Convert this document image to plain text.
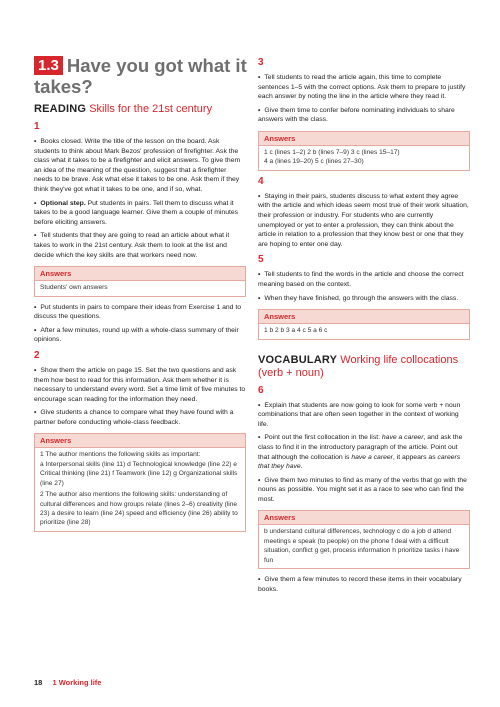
1.3 Have you got what it takes?
READING Skills for the 21st century
1

• Books closed. Write the title of the lesson on the board. Ask students to think about Mark Bezos' profession of firefighter. Ask the class what it takes to be a firefighter and elicit answers. To give them an idea of the meaning of the question, suggest that a firefighter needs to be brave. Ask what else it takes to be one. Ask them if they think they've got what it takes to be one, and if so, what.

• Optional step. Put students in pairs. Tell them to discuss what it takes to be a good language learner. Give them a couple of minutes before eliciting answers.

• Tell students that they are going to read an article about what it takes to work in the 21st century. Ask them to look at the list and decide which the key skills are that workers need now.

Answers
Students' own answers

• Put students in pairs to compare their ideas from Exercise 1 and to discuss the questions.

• After a few minutes, round up with a whole-class summary of their opinions.

2

• Show them the article on page 15. Set the two questions and ask them how best to read for this information. Ask them whether it is necessary to understand every word. Set a time limit of five minutes to encourage scan reading for the information they need.

• Give students a chance to compare what they have found with a partner before conducting whole-class feedback.

Answers
1 The author mentions the following skills as important:
a Interpersonal skills (line 11) d Technological knowledge (line 22) e Critical thinking (line 21) f Teamwork (line 12) g Organizational skills (line 27)
2 The author also mentions the following skills: understanding of cultural differences and how groups relate (lines 2–6) creativity (line 23) a desire to learn (line 24) speed and efficiency (line 26) ability to prioritize (line 28)
3

• Tell students to read the article again, this time to complete sentences 1–5 with the correct options. Ask them to prepare to justify each answer by noting the line in the article where they read it.

• Give them time to confer before nominating individuals to share answers with the class.

Answers
1 c (lines 1–2) 2 b (lines 7–9) 3 c (lines 15–17)
4 a (lines 19–20) 5 c (lines 27–30)
4

• Staying in their pairs, students discuss to what extent they agree with the article and which ideas seem most true of their work situation, their profession or industry. For students who are currently unemployed or yet to enter a profession, they can think about the article in relation to a profession that they know best or one that they are hoping to enter one day.

5

• Tell students to find the words in the article and choose the correct meaning based on the context.

• When they have finished, go through the answers with the class.

Answers
1 b 2 b 3 a 4 c 5 a 6 c
VOCABULARY Working life collocations (verb + noun)
6

• Explain that students are now going to look for some verb + noun combinations that are often seen together in the context of working life.

• Point out the first collocation in the list: have a career, and ask the class to find it in the introductory paragraph of the article. Point out that although the collocation is have a career, it appears as careers that they have.

• Give them two minutes to find as many of the verbs that go with the nouns as possible. You might set it as a race to see who can find the most.

Answers
b understand cultural differences, technology c do a job d attend meetings e speak (to people) on the phone f deal with a difficult situation, conflict g get, process information h prioritize tasks i have fun

• Give them a few minutes to record these items in their vocabulary books.

18 1 Working life
